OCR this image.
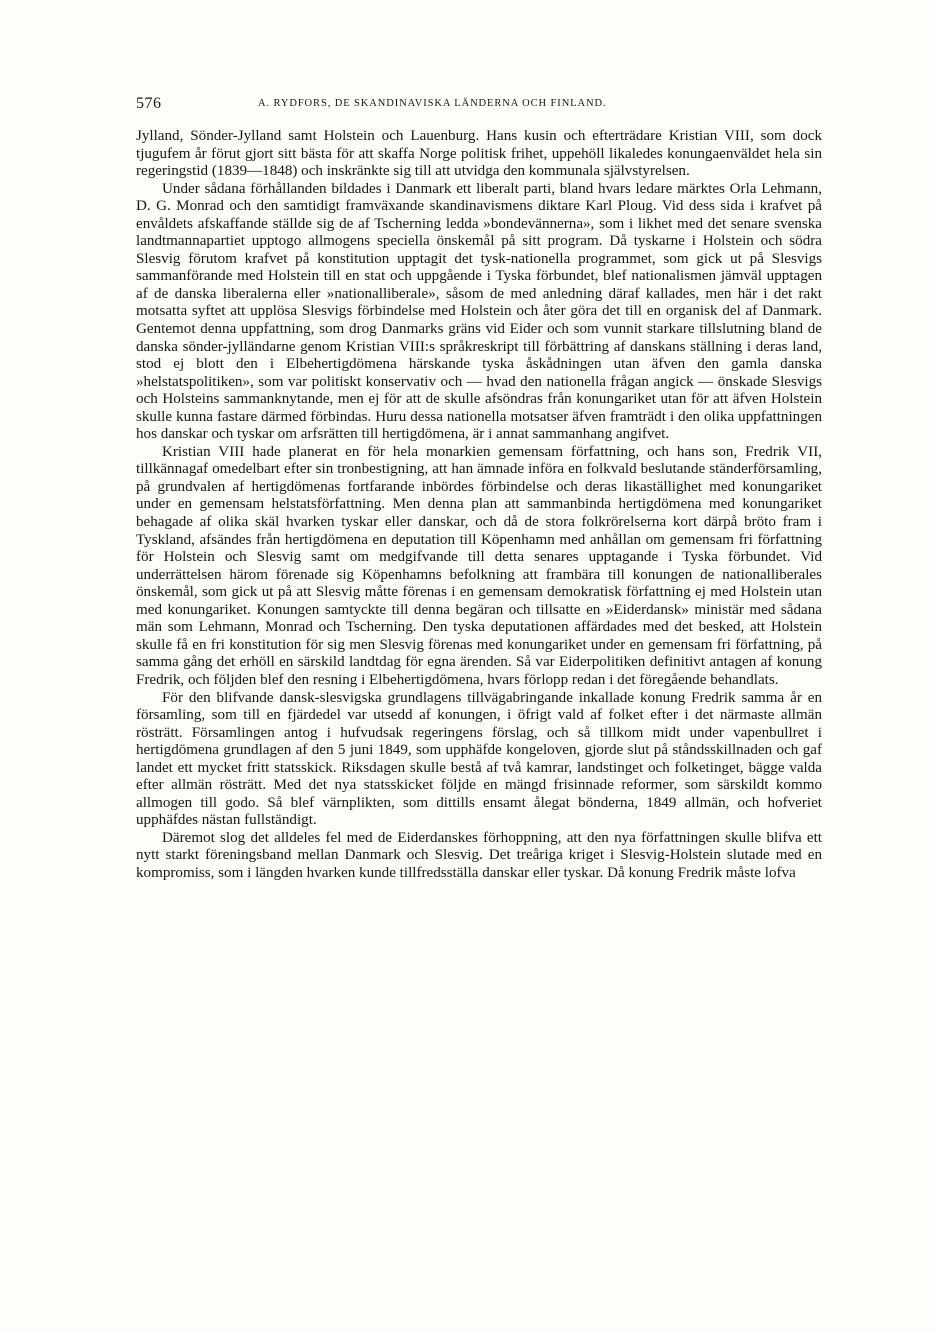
576	A. RYDFORS, DE SKANDINAVISKA LÄNDERNA OCH FINLAND.

Jylland, Sönder-Jylland samt Holstein och Lauenburg. Hans kusin och efterträdare Kristian VIII, som dock tjugufem år förut gjort sitt bästa för att skaffa Norge politisk frihet, uppehöll likaledes konungaenväldet hela sin regeringstid (1839—1848) och inskränkte sig till att utvidga den kommunala självstyrelsen.

Under sådana förhållanden bildades i Danmark ett liberalt parti, bland hvars ledare märktes Orla Lehmann, D. G. Monrad och den samtidigt framväxande skandinavismens diktare Karl Ploug. Vid dess sida i krafvet på envåldets afskaffande ställde sig de af Tscherning ledda »bondevännerna», som i likhet med det senare svenska landtmannapartiet upptogo allmogens speciella önskemål på sitt program. Då tyskarne i Holstein och södra Slesvig förutom krafvet på konstitution upptagit det tysk-nationella programmet, som gick ut på Slesvigs sammanförande med Holstein till en stat och uppgående i Tyska förbundet, blef nationalismen jämväl upptagen af de danska liberalerna eller »nationalliberale», såsom de med anledning däraf kallades, men här i det rakt motsatta syftet att upplösa Slesvigs förbindelse med Holstein och åter göra det till en organisk del af Danmark. Gentemot denna uppfattning, som drog Danmarks gräns vid Eider och som vunnit starkare tillslutning bland de danska sönder-jylländarne genom Kristian VIII:s språkreskript till förbättring af danskans ställning i deras land, stod ej blott den i Elbehertigdömena härskande tyska åskådningen utan äfven den gamla danska »helstatspolitiken», som var politiskt konservativ och — hvad den nationella frågan angick — önskade Slesvigs och Holsteins sammanknytande, men ej för att de skulle afsöndras från konungariket utan för att äfven Holstein skulle kunna fastare därmed förbindas. Huru dessa nationella motsatser äfven framträdt i den olika uppfattningen hos danskar och tyskar om arfsrätten till hertigdömena, är i annat sammanhang angifvet.

Kristian VIII hade planerat en för hela monarkien gemensam författning, och hans son, Fredrik VII, tillkännagaf omedelbart efter sin tronbestigning, att han ämnade införa en folkvald beslutande ständerförsamling, på grundvalen af hertigdömenas fortfarande inbördes förbindelse och deras likaställighet med konungariket under en gemensam helstatsförfattning. Men denna plan att sammanbinda hertigdömena med konungariket behagade af olika skäl hvarken tyskar eller danskar, och då de stora folkrörelserna kort därpå bröto fram i Tyskland, afsändes från hertigdömena en deputation till Köpenhamn med anhållan om gemensam fri författning för Holstein och Slesvig samt om medgifvande till detta senares upptagande i Tyska förbundet. Vid underrättelsen härom förenade sig Köpenhamns befolkning att frambära till konungen de nationalliberales önskemål, som gick ut på att Slesvig måtte förenas i en gemensam demokratisk författning ej med Holstein utan med konungariket. Konungen samtyckte till denna begäran och tillsatte en »Eiderdansk» ministär med sådana män som Lehmann, Monrad och Tscherning. Den tyska deputationen affärdades med det besked, att Holstein skulle få en fri konstitution för sig men Slesvig förenas med konungariket under en gemensam fri författning, på samma gång det erhöll en särskild landtdag för egna ärenden. Så var Eiderpolitiken definitivt antagen af konung Fredrik, och följden blef den resning i Elbehertigdömena, hvars förlopp redan i det föregående behandlats.

För den blifvande dansk-slesvigska grundlagens tillvägabringande inkallade konung Fredrik samma år en församling, som till en fjärdedel var utsedd af konungen, i öfrigt vald af folket efter i det närmaste allmän rösträtt. Församlingen antog i hufvudsak regeringens förslag, och så tillkom midt under vapenbullret i hertigdömena grundlagen af den 5 juni 1849, som upphäfde kongeloven, gjorde slut på ståndsskillnaden och gaf landet ett mycket fritt statsskick. Riksdagen skulle bestå af två kamrar, landstinget och folketinget, bägge valda efter allmän rösträtt. Med det nya statsskicket följde en mängd frisinnade reformer, som särskildt kommo allmogen till godo. Så blef värnplikten, som dittills ensamt ålegat bönderna, 1849 allmän, och hofveriet upphäfdes nästan fullständigt.

Däremot slog det alldeles fel med de Eiderdanskes förhoppning, att den nya författningen skulle blifva ett nytt starkt föreningsband mellan Danmark och Slesvig. Det treåriga kriget i Slesvig-Holstein slutade med en kompromiss, som i längden hvarken kunde tillfredsställa danskar eller tyskar. Då konung Fredrik måste lofva
